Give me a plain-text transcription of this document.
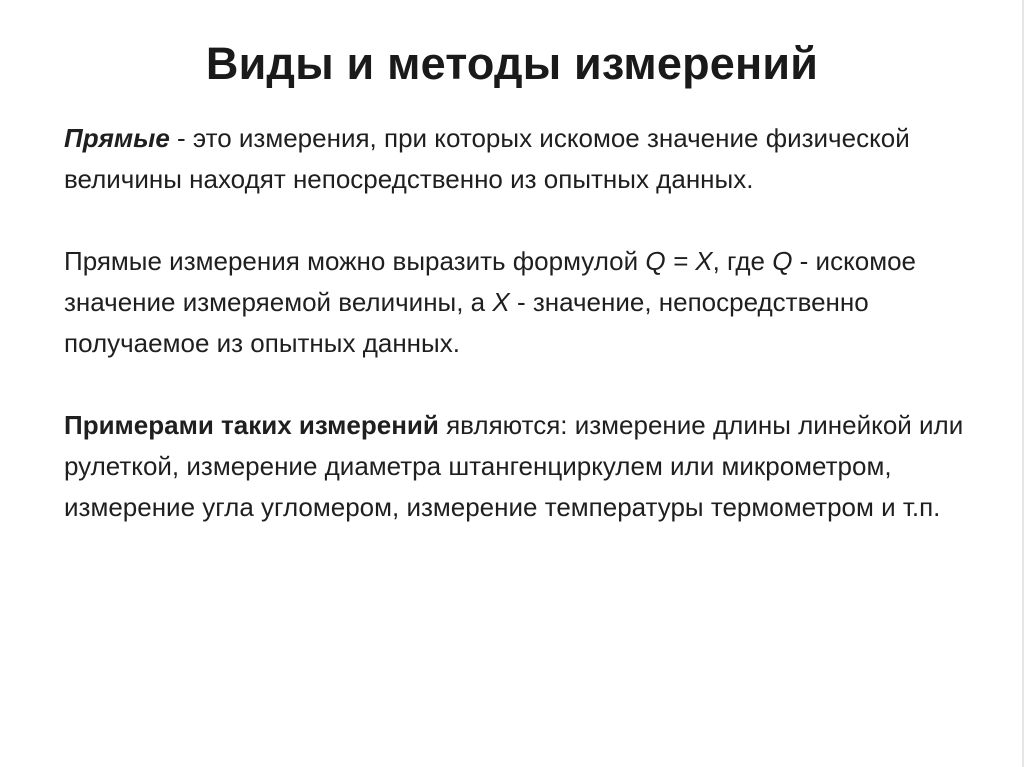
Виды и методы измерений

Прямые - это измерения, при которых искомое значение физической величины находят непосредственно из опытных данных.

Прямые измерения можно выразить формулой Q = X, где Q - искомое значение измеряемой величины, а X - значение, непосредственно получаемое из опытных данных.

Примерами таких измерений являются: измерение длины линейкой или рулеткой, измерение диаметра штангенциркулем или микрометром, измерение угла угломером, измерение температуры термометром и т.п.
